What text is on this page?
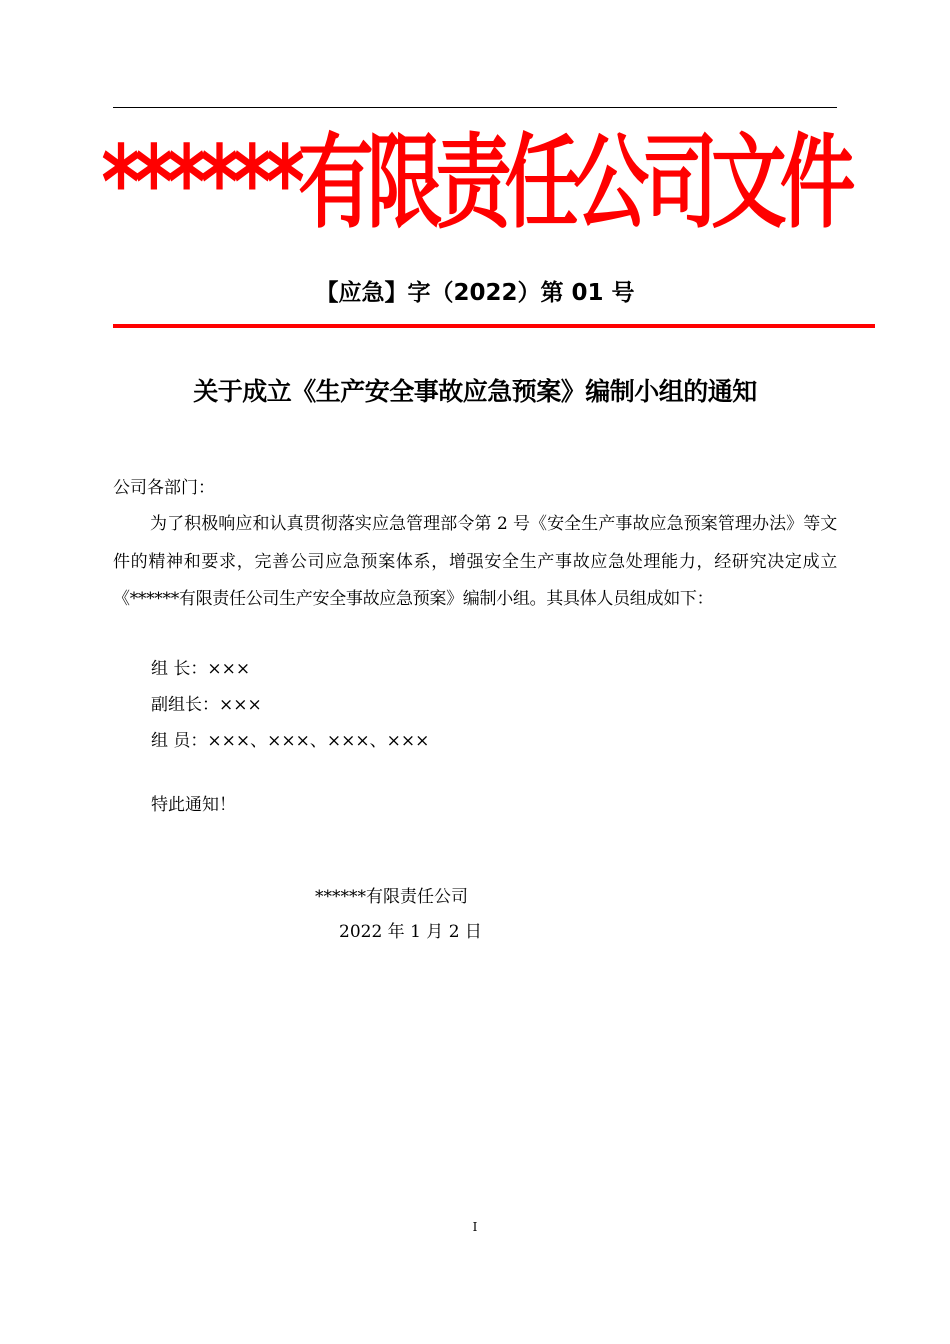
******有限责任公司文件
【应急】字（2022）第 01 号
关于成立《生产安全事故应急预案》编制小组的通知
公司各部门：
为了积极响应和认真贯彻落实应急管理部令第 2 号《安全生产事故应急预案管理办法》等文件的精神和要求，完善公司应急预案体系，增强安全生产事故应急处理能力，经研究决定成立《******有限责任公司生产安全事故应急预案》编制小组。其具体人员组成如下：
组 长：×××
副组长：×××
组 员：×××、×××、×××、×××
特此通知！
******有限责任公司
2022 年 1 月 2 日
I
